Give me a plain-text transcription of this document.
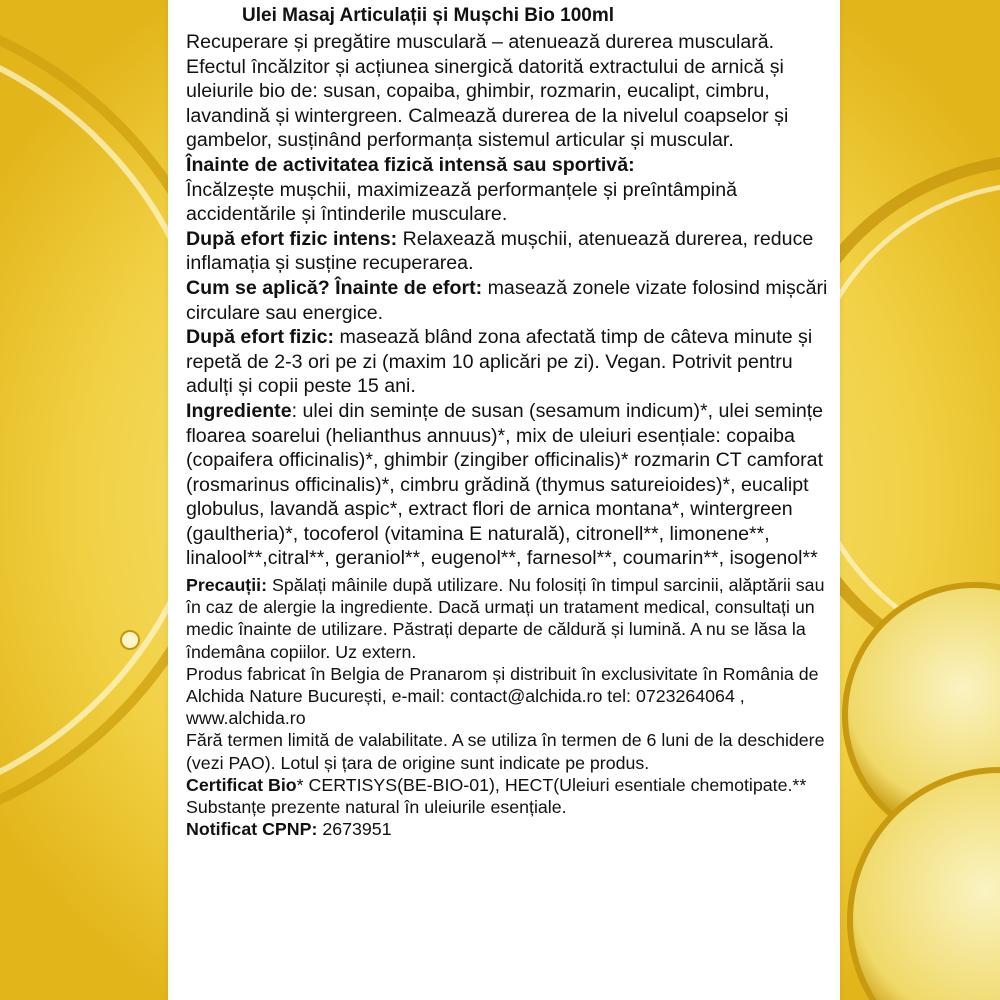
Ulei Masaj Articulații și Mușchi Bio 100ml

Recuperare și pregătire musculară – atenuează durerea musculară. Efectul încălzitor și acțiunea sinergică datorită extractului de arnică și uleiurile bio de: susan, copaiba, ghimbir, rozmarin, eucalipt, cimbru, lavandină și wintergreen. Calmează durerea de la nivelul coapselor și gambelor, susținând performanța sistemul articular și muscular.

Înainte de activitatea fizică intensă sau sportivă:

Încălzește mușchii, maximizează performanțele și preîntâmpină accidentările și întinderile musculare.

După efort fizic intens: Relaxează mușchii, atenuează durerea, reduce inflamația și susține recuperarea.

Cum se aplică? Înainte de efort: masează zonele vizate folosind mișcări circulare sau energice.

După efort fizic: masează blând zona afectată timp de câteva minute și repetă de 2-3 ori pe zi (maxim 10 aplicări pe zi). Vegan. Potrivit pentru adulți și copii peste 15 ani.

Ingrediente: ulei din semințe de susan (sesamum indicum)*, ulei semințe floarea soarelui (helianthus annuus)*, mix de uleiuri esențiale: copaiba (copaifera officinalis)*, ghimbir (zingiber officinalis)* rozmarin CT camforat (rosmarinus officinalis)*, cimbru grădină (thymus satureioides)*, eucalipt globulus, lavandă aspic*, extract flori de arnica montana*, wintergreen (gaultheria)*, tocoferol (vitamina E naturală), citronell**, limonene**, linalool**,citral**, geraniol**, eugenol**, farnesol**, coumarin**, isogenol**

Precauții: Spălați mâinile după utilizare. Nu folosiți în timpul sarcinii, alăptării sau în caz de alergie la ingrediente. Dacă urmați un tratament medical, consultați un medic înainte de utilizare. Păstrați departe de căldură și lumină. A nu se lăsa la îndemâna copiilor. Uz extern.

Produs fabricat în Belgia de Pranarom și distribuit în exclusivitate în România de Alchida Nature București, e-mail: contact@alchida.ro tel: 0723264064 , www.alchida.ro

Fără termen limită de valabilitate. A se utiliza în termen de 6 luni de la deschidere (vezi PAO). Lotul și țara de origine sunt indicate pe produs.

Certificat Bio* CERTISYS(BE-BIO-01), HECT(Uleiuri esentiale chemotipate.** Substanțe prezente natural în uleiurile esențiale.

Notificat CPNP: 2673951
